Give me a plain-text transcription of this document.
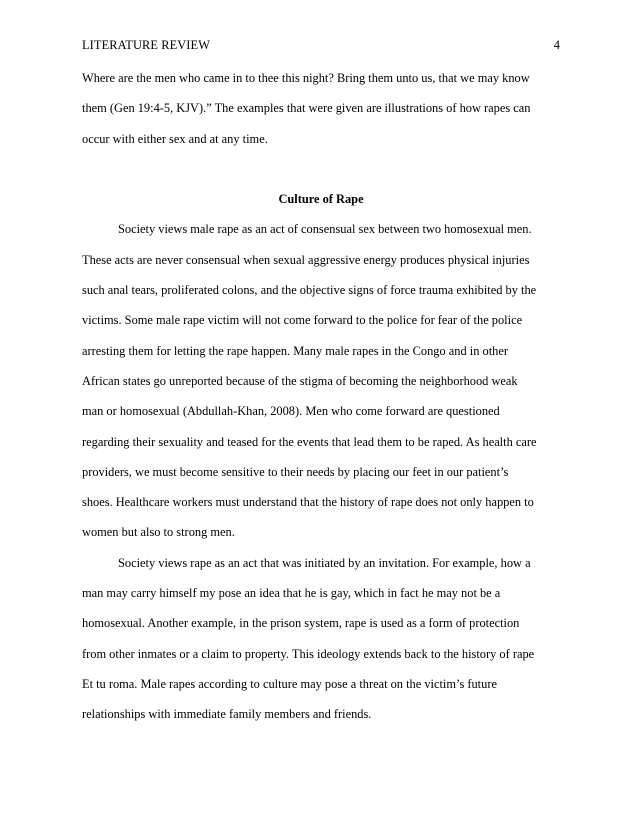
LITERATURE REVIEW	4
Where are the men who came in to thee this night? Bring them unto us, that we may know
them (Gen 19:4-5, KJV).” The examples that were given are illustrations of how rapes can
occur with either sex and at any time.
Culture of Rape
Society views male rape as an act of consensual sex between two homosexual men.
These acts are never consensual when sexual aggressive energy produces physical injuries
such anal tears, proliferated colons, and the objective signs of force trauma exhibited by the
victims. Some male rape victim will not come forward to the police for fear of the police
arresting them for letting the rape happen. Many male rapes in the Congo and in other
African states go unreported because of the stigma of becoming the neighborhood weak
man or homosexual (Abdullah-Khan, 2008). Men who come forward are questioned
regarding their sexuality and teased for the events that lead them to be raped. As health care
providers, we must become sensitive to their needs by placing our feet in our patient’s
shoes. Healthcare workers must understand that the history of rape does not only happen to
women but also to strong men.
Society views rape as an act that was initiated by an invitation. For example, how a
man may carry himself my pose an idea that he is gay, which in fact he may not be a
homosexual. Another example, in the prison system, rape is used as a form of protection
from other inmates or a claim to property. This ideology extends back to the history of rape
Et tu roma. Male rapes according to culture may pose a threat on the victim’s future
relationships with immediate family members and friends.
